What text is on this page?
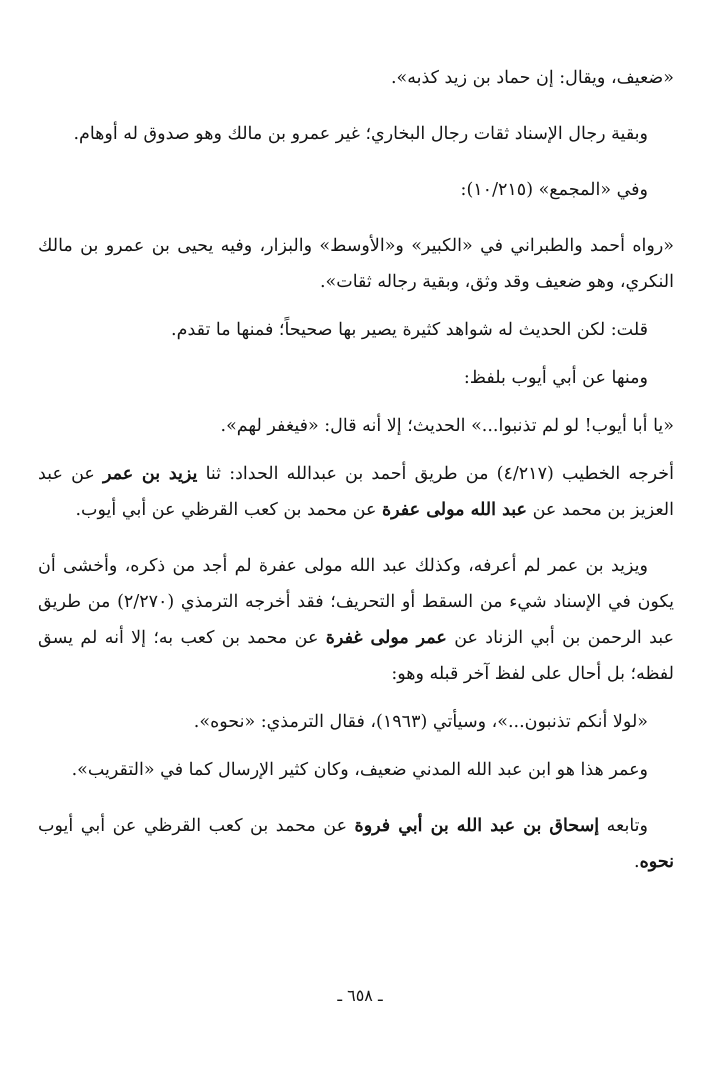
«ضعيف، ويقال: إن حماد بن زيد كذبه».

وبقية رجال الإسناد ثقات رجال البخاري؛ غير عمرو بن مالك وهو صدوق له أوهام.

وفي «المجمع» (١٠/٢١٥):

«رواه أحمد والطبراني في «الكبير» و«الأوسط» والبزار، وفيه يحيى بن عمرو بن مالك النكري، وهو ضعيف وقد وثق، وبقية رجاله ثقات».

قلت: لكن الحديث له شواهد كثيرة يصير بها صحيحاً؛ فمنها ما تقدم.

ومنها عن أبي أيوب بلفظ:

«يا أبا أيوب! لو لم تذنبوا...» الحديث؛ إلا أنه قال: «فيغفر لهم».

أخرجه الخطيب (٤/٢١٧) من طريق أحمد بن عبدالله الحداد: ثنا يزيد بن عمر عن عبد العزيز بن محمد عن عبد الله مولى عفرة عن محمد بن كعب القرظي عن أبي أيوب.

ويزيد بن عمر لم أعرفه، وكذلك عبد الله مولى عفرة لم أجد من ذكره، وأخشى أن يكون في الإسناد شيء من السقط أو التحريف؛ فقد أخرجه الترمذي (٢/٢٧٠) من طريق عبد الرحمن بن أبي الزناد عن عمر مولى غفرة عن محمد بن كعب به؛ إلا أنه لم يسق لفظه؛ بل أحال على لفظ آخر قبله وهو:

«لولا أنكم تذنبون...»، وسيأتي (١٩٦٣)، فقال الترمذي: «نحوه».

وعمر هذا هو ابن عبد الله المدني ضعيف، وكان كثير الإرسال كما في «التقريب».

وتابعه إسحاق بن عبد الله بن أبي فروة عن محمد بن كعب القرظي عن أبي أيوب نحوه.

ـ ٦٥٨ ـ
